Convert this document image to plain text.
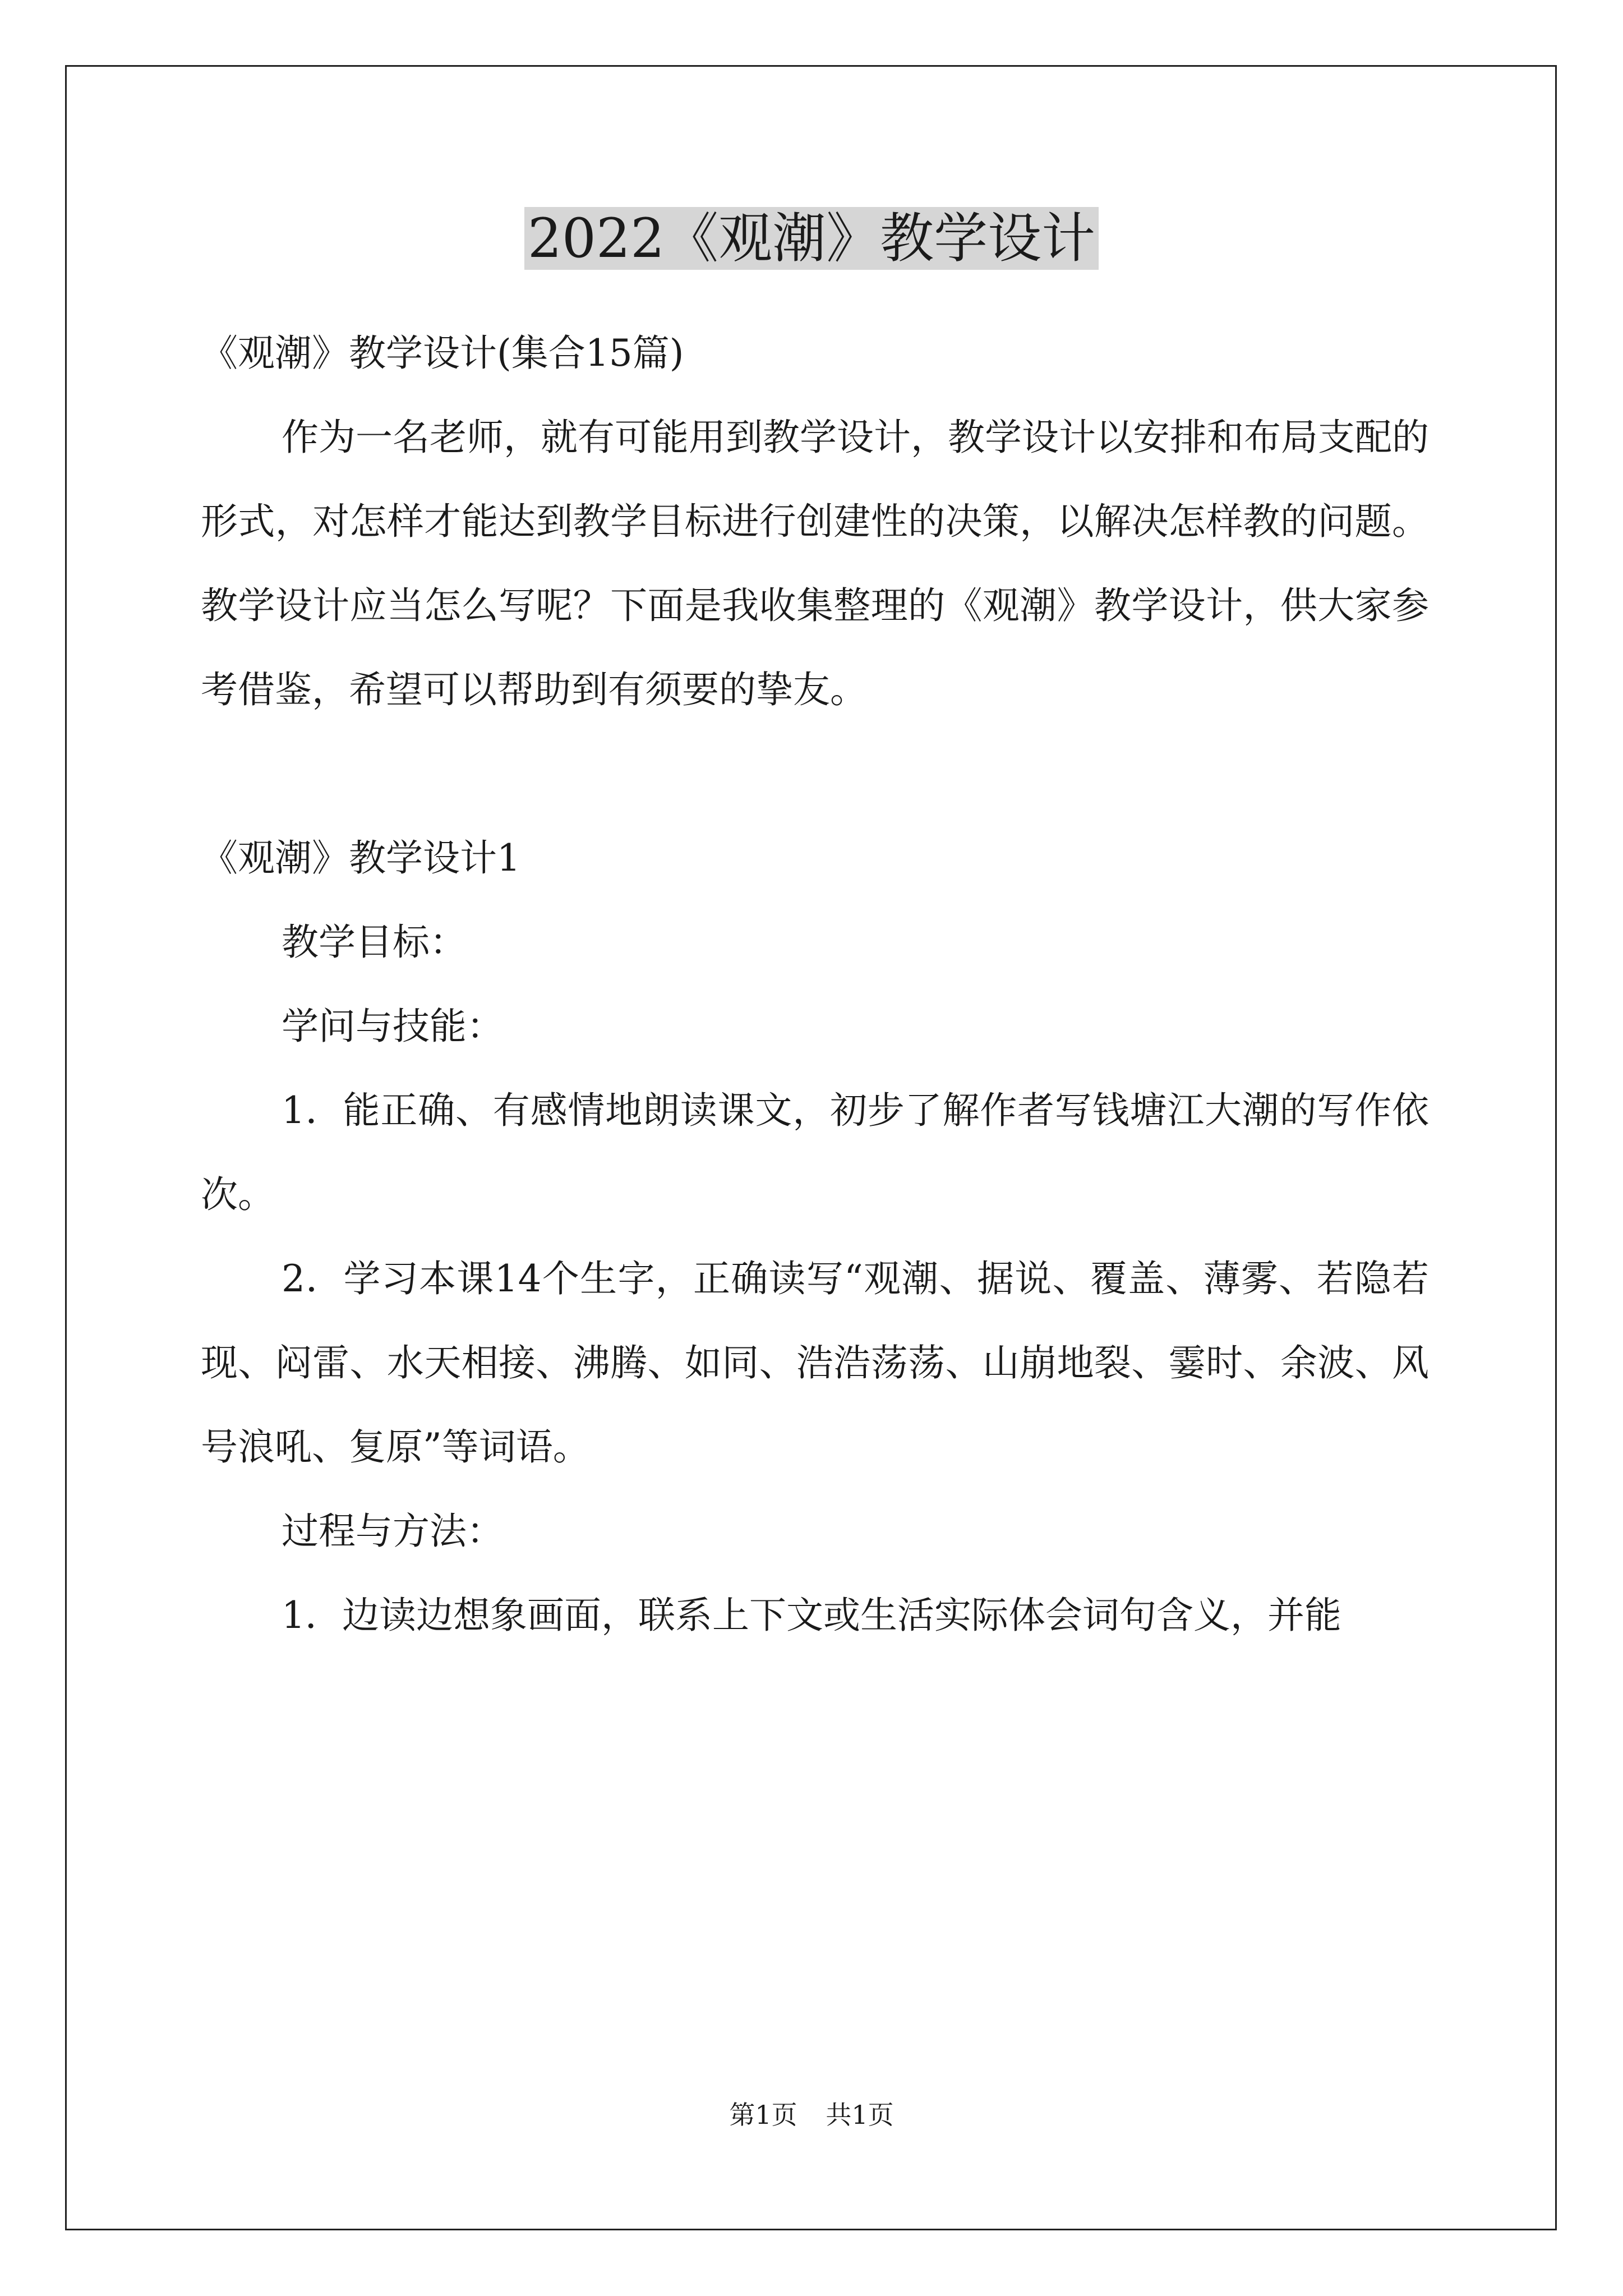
2022《观潮》教学设计
《观潮》教学设计(集合15篇)
作为一名老师，就有可能用到教学设计，教学设计以安排和布局支配的形式，对怎样才能达到教学目标进行创建性的决策，以解决怎样教的问题。教学设计应当怎么写呢？下面是我收集整理的《观潮》教学设计，供大家参考借鉴，希望可以帮助到有须要的挚友。
《观潮》教学设计1
教学目标：
学问与技能：
1．能正确、有感情地朗读课文，初步了解作者写钱塘江大潮的写作依次。
2．学习本课14个生字，正确读写“观潮、据说、覆盖、薄雾、若隐若现、闷雷、水天相接、沸腾、如同、浩浩荡荡、山崩地裂、霎时、余波、风号浪吼、复原”等词语。
过程与方法：
1．边读边想象画面，联系上下文或生活实际体会词句含义，并能
第1页 共1页
